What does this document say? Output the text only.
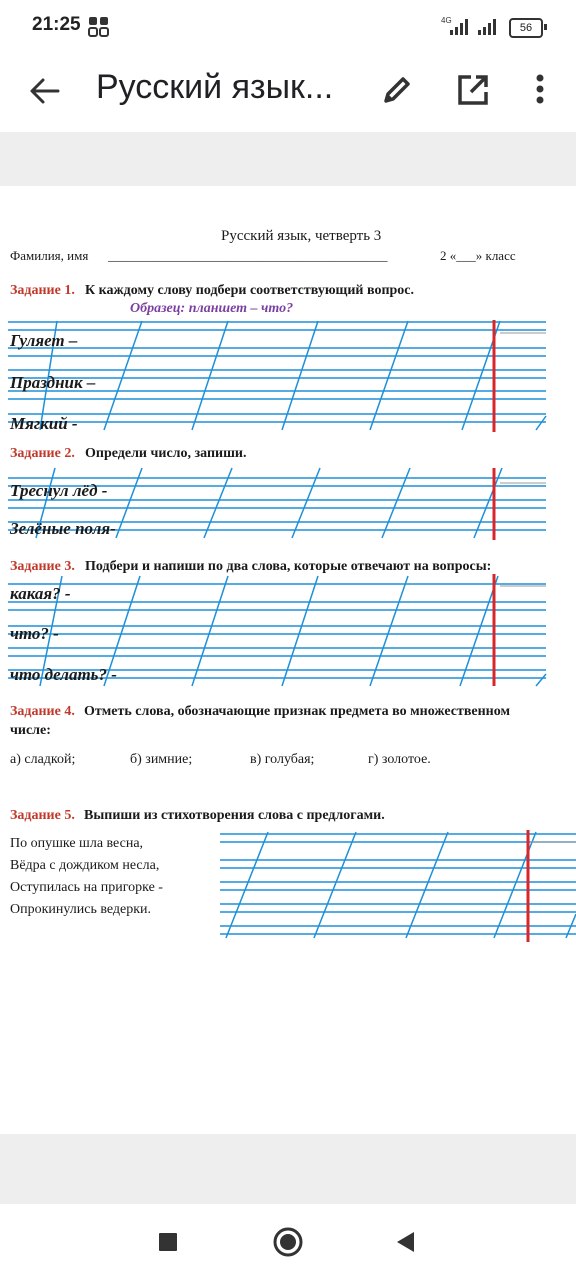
21:25	4G
56
Русский язык...
Русский язык, четверть 3
Фамилия, имя ___________________________________________	2 «___» класс
Задание 1. К каждому слову подбери соответствующий вопрос.
Образец: планшет – что?
Гуляет –
Праздник –
Мягкий -
Задание 2. Определи число, запиши.
Треснул лёд -
Зелёные поля-
Задание 3. Подбери и напиши по два слова, которые отвечают на вопросы:
какая? -
что? -
что делать? -
Задание 4. Отметь слова, обозначающие признак предмета во множественном
числе:
а) сладкой;	б) зимние;	в) голубая;	г) золотое.
Задание 5. Выпиши из стихотворения слова с предлогами.
По опушке шла весна,
Вёдра с дождиком несла,
Оступилась на пригорке -
Опрокинулись ведерки.
